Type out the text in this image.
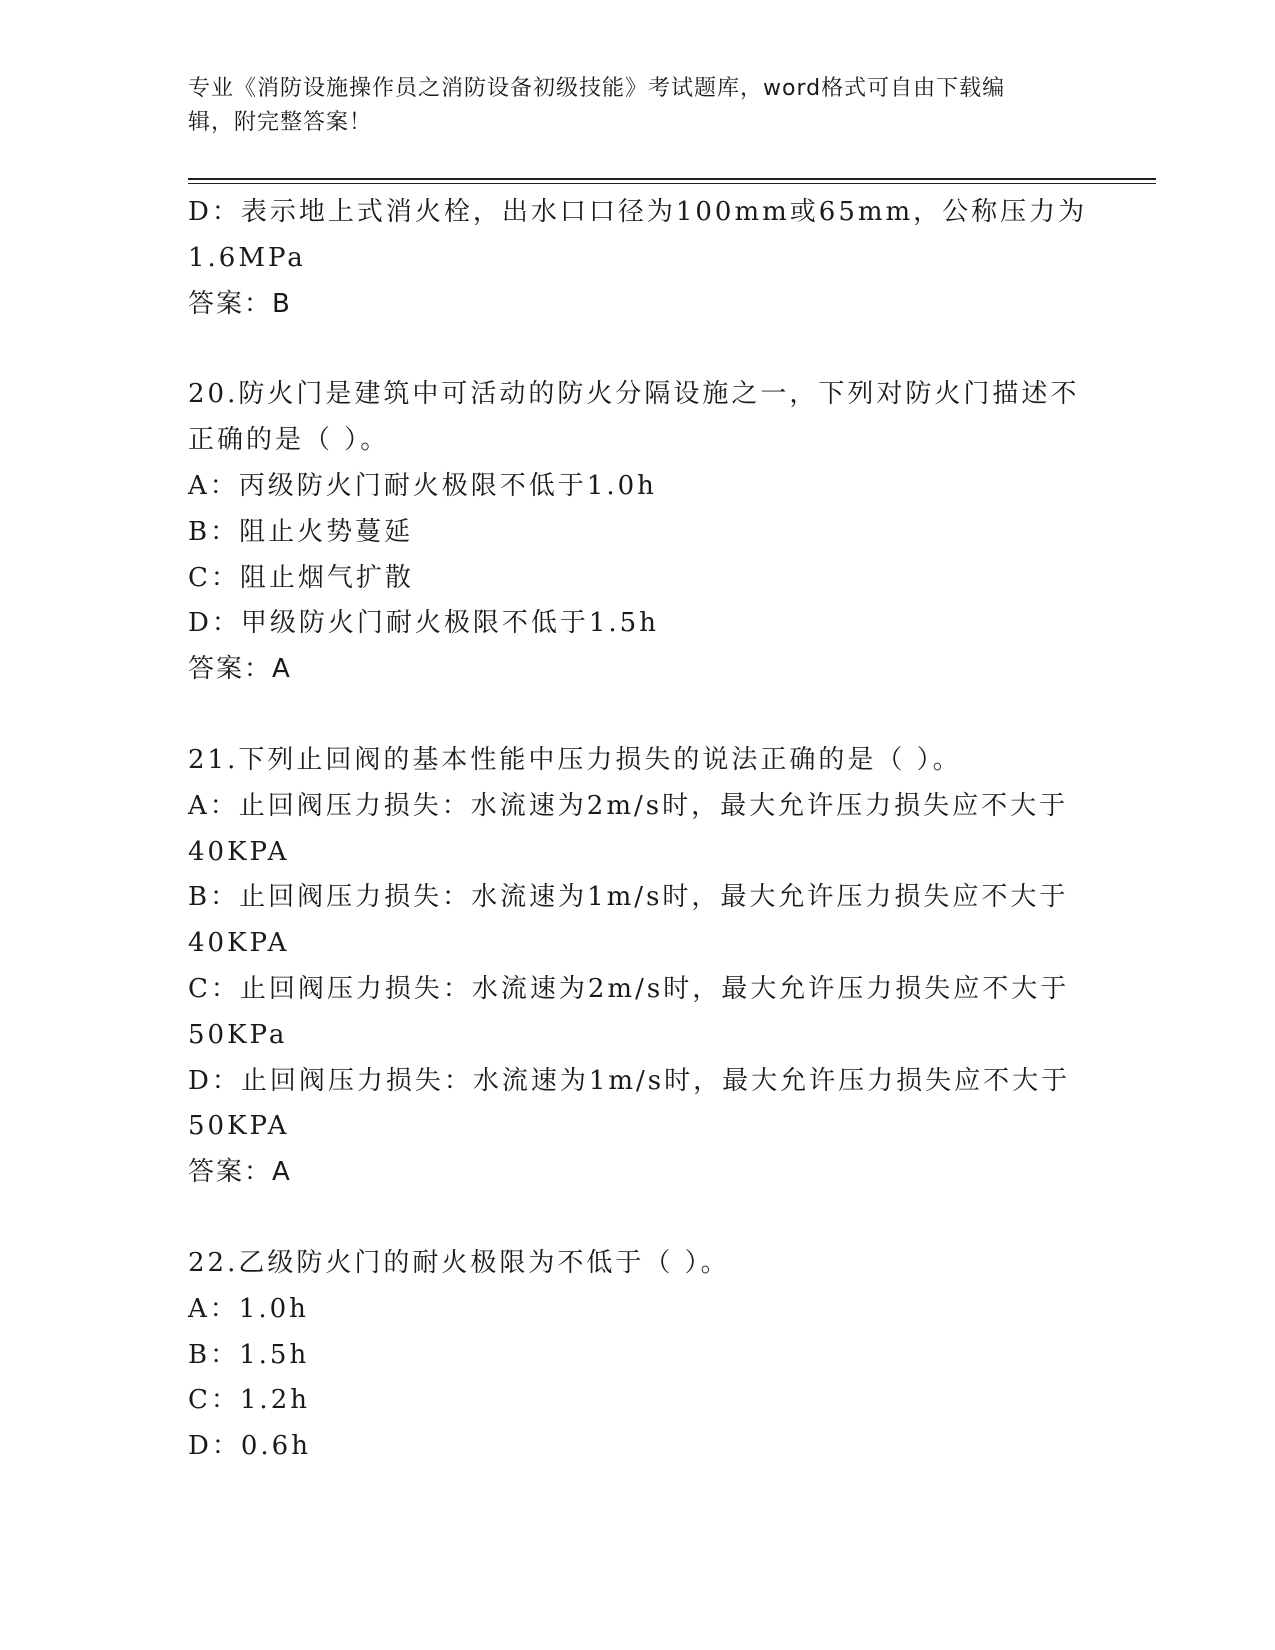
专业《消防设施操作员之消防设备初级技能》考试题库，word格式可自由下载编
辑，附完整答案！
D：表示地上式消火栓，出水口口径为100mm或65mm，公称压力为
1.6MPa
答案：B
20.防火门是建筑中可活动的防火分隔设施之一，下列对防火门描述不
正确的是（ ）。
A：丙级防火门耐火极限不低于1.0h
B：阻止火势蔓延
C：阻止烟气扩散
D：甲级防火门耐火极限不低于1.5h
答案：A
21.下列止回阀的基本性能中压力损失的说法正确的是（ ）。
A：止回阀压力损失：水流速为2m/s时，最大允许压力损失应不大于
40KPA
B：止回阀压力损失：水流速为1m/s时，最大允许压力损失应不大于
40KPA
C：止回阀压力损失：水流速为2m/s时，最大允许压力损失应不大于
50KPa
D：止回阀压力损失：水流速为1m/s时，最大允许压力损失应不大于
50KPA
答案：A
22.乙级防火门的耐火极限为不低于（ ）。
A：1.0h
B：1.5h
C：1.2h
D：0.6h
